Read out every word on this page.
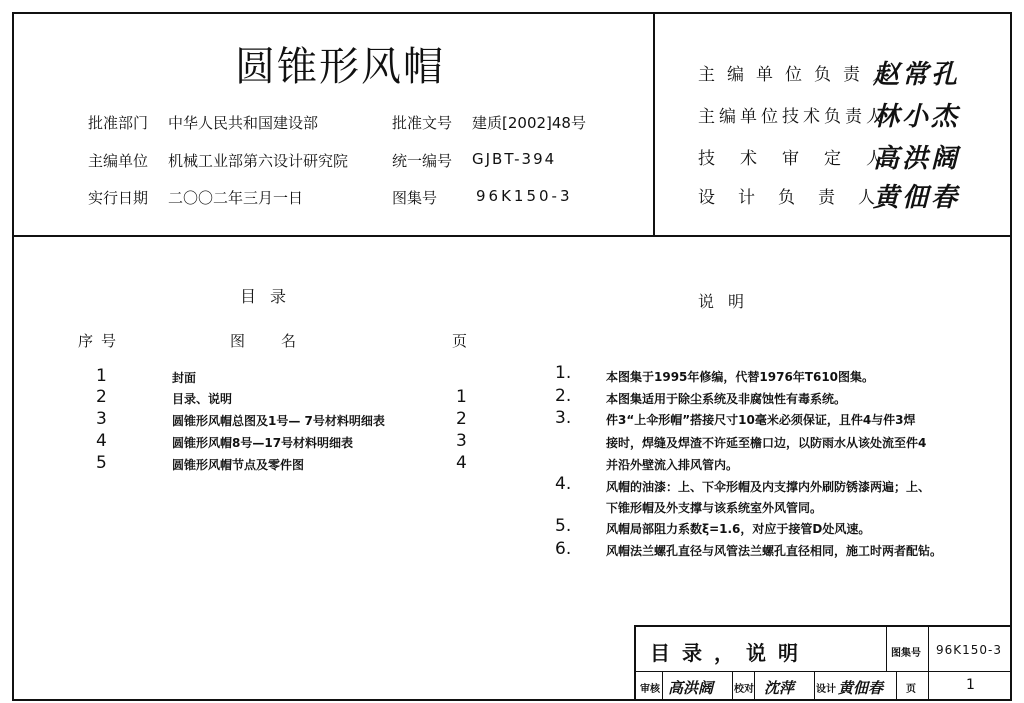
圆锥形风帽
批准部门 中华人民共和国建设部	批准文号 建质[2002]48号
主编单位 机械工业部第六设计研究院	统一编号 GJBT-394
实行日期 二〇〇二年三月一日	图集号	96K150-3
主编单位负责人
赵常孔
主编单位技术负责人
林小杰
技术审定人
高洪阔
设计负责人
黄佃春
目录
序号	图名	页
1	封面
2	目录、说明	1
3	圆锥形风帽总图及1号— 7号材料明细表	2
4	圆锥形风帽8号—17号材料明细表	3
5	圆锥形风帽节点及零件图	4
说明
1.	本图集于1995年修编，代替1976年T610图集。
2.	本图集适用于除尘系统及非腐蚀性有毒系统。
3.	件3“上伞形帽”搭接尺寸10毫米必须保证，且件4与件3焊
接时，焊缝及焊渣不许延至檐口边，以防雨水从该处流至件4
并沿外壁流入排风管内。
4.	风帽的油漆：上、下伞形帽及内支撑内外刷防锈漆两遍；上、
下锥形帽及外支撑与该系统室外风管同。
5.	风帽局部阻力系数ξ=1.6，对应于接管D处风速。
6.	风帽法兰螺孔直径与风管法兰螺孔直径相同，施工时两者配钻。
目录，说明	图集号 96K150-3
审核 高洪阔 校对 沈萍 设计 黄佃春 页	1
